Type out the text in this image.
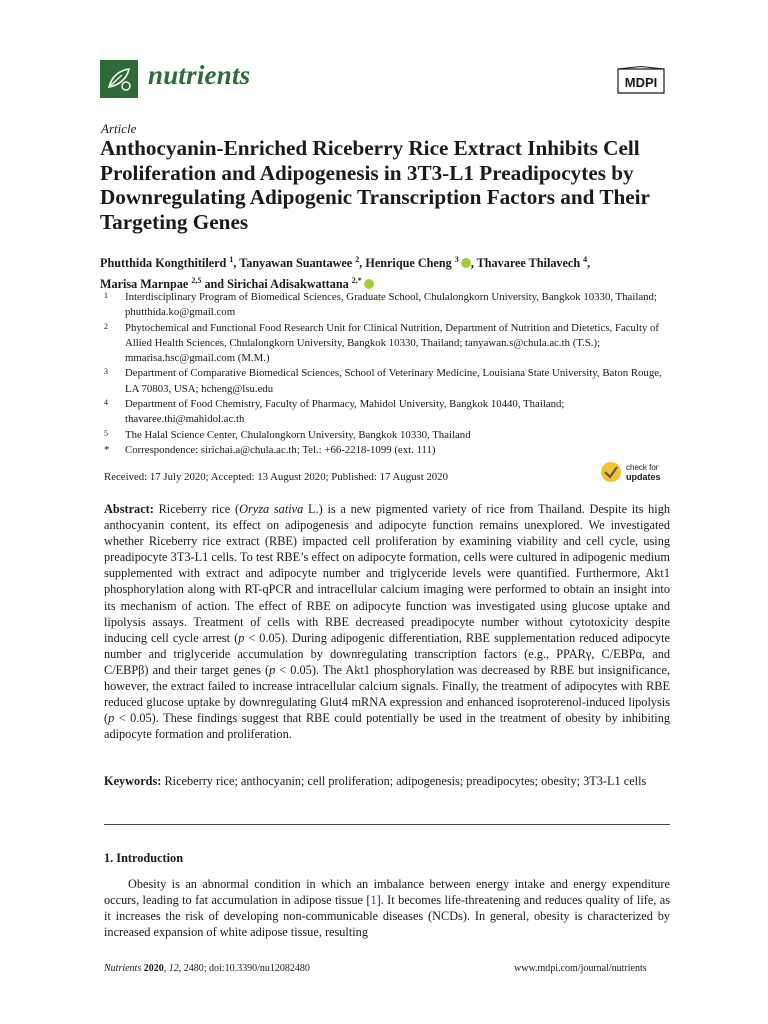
nutrients	MDPI
Article
Anthocyanin-Enriched Riceberry Rice Extract Inhibits Cell Proliferation and Adipogenesis in 3T3-L1 Preadipocytes by Downregulating Adipogenic Transcription Factors and Their Targeting Genes
Phutthida Kongthitilerd $^1$, Tanyawan Suantawee $^2$, Henrique Cheng $^3$ , Thavaree Thilavech $^4$,
Marisa Marnpae $^{2,5}$ and Sirichai Adisakwattana $^{2,*}$
1 Interdisciplinary Program of Biomedical Sciences, Graduate School, Chulalongkorn University, Bangkok 10330, Thailand; phutthida.ko@gmail.com
2 Phytochemical and Functional Food Research Unit for Clinical Nutrition, Department of Nutrition and Dietetics, Faculty of Allied Health Sciences, Chulalongkorn University, Bangkok 10330, Thailand; tanyawan.s@chula.ac.th (T.S.); mmarisa.hsc@gmail.com (M.M.)
3 Department of Comparative Biomedical Sciences, School of Veterinary Medicine, Louisiana State University, Baton Rouge, LA 70803, USA; hcheng@lsu.edu
4 Department of Food Chemistry, Faculty of Pharmacy, Mahidol University, Bangkok 10440, Thailand; thavaree.thi@mahidol.ac.th
5 The Halal Science Center, Chulalongkorn University, Bangkok 10330, Thailand
* Correspondence: sirichai.a@chula.ac.th; Tel.: +66-2218-1099 (ext. 111)
Received: 17 July 2020; Accepted: 13 August 2020; Published: 17 August 2020
check for
updates
Abstract: Riceberry rice (Oryza sativa L.) is a new pigmented variety of rice from Thailand. Despite its high anthocyanin content, its effect on adipogenesis and adipocyte function remains unexplored. We investigated whether Riceberry rice extract (RBE) impacted cell proliferation by examining viability and cell cycle, using preadipocyte 3T3-L1 cells. To test RBE’s effect on adipocyte formation, cells were cultured in adipogenic medium supplemented with extract and adipocyte number and triglyceride levels were quantified. Furthermore, Akt1 phosphorylation along with RT-qPCR and intracellular calcium imaging were performed to obtain an insight into its mechanism of action. The effect of RBE on adipocyte function was investigated using glucose uptake and lipolysis assays. Treatment of cells with RBE decreased preadipocyte number without cytotoxicity despite inducing cell cycle arrest (p < 0.05). During adipogenic differentiation, RBE supplementation reduced adipocyte number and triglyceride accumulation by downregulating transcription factors (e.g., PPARγ, C/EBPα, and C/EBPβ) and their target genes (p < 0.05). The Akt1 phosphorylation was decreased by RBE but insignificance, however, the extract failed to increase intracellular calcium signals. Finally, the treatment of adipocytes with RBE reduced glucose uptake by downregulating Glut4 mRNA expression and enhanced isoproterenol-induced lipolysis (p < 0.05). These findings suggest that RBE could potentially be used in the treatment of obesity by inhibiting adipocyte formation and proliferation.
Keywords: Riceberry rice; anthocyanin; cell proliferation; adipogenesis; preadipocytes; obesity; 3T3-L1 cells
1. Introduction
Obesity is an abnormal condition in which an imbalance between energy intake and energy expenditure occurs, leading to fat accumulation in adipose tissue [1]. It becomes life-threatening and reduces quality of life, as it increases the risk of developing non-communicable diseases (NCDs). In general, obesity is characterized by increased expansion of white adipose tissue, resulting
Nutrients 2020, 12, 2480; doi:10.3390/nu12082480	www.mdpi.com/journal/nutrients
